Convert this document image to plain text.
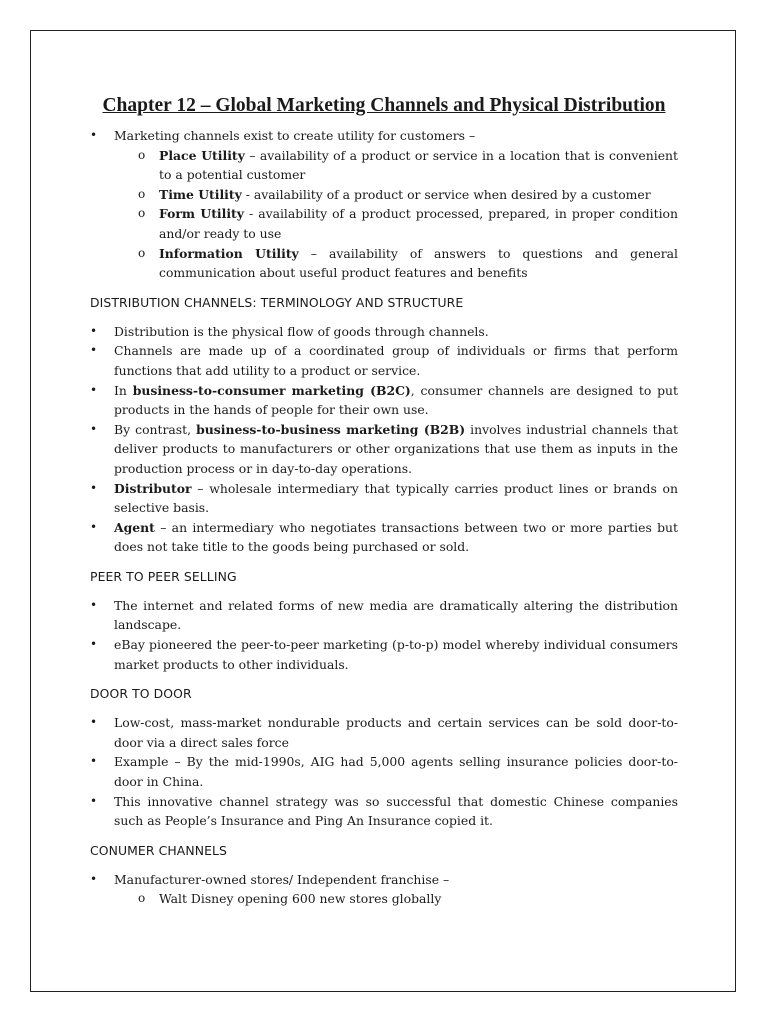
Chapter 12 – Global Marketing Channels and Physical Distribution
• Marketing channels exist to create utility for customers –
o Place Utility – availability of a product or service in a location that is convenient to a potential customer
o Time Utility - availability of a product or service when desired by a customer
o Form Utility - availability of a product processed, prepared, in proper condition and/or ready to use
o Information Utility – availability of answers to questions and general communication about useful product features and benefits
DISTRIBUTION CHANNELS: TERMINOLOGY AND STRUCTURE
• Distribution is the physical flow of goods through channels.
• Channels are made up of a coordinated group of individuals or firms that perform functions that add utility to a product or service.
• In business-to-consumer marketing (B2C), consumer channels are designed to put products in the hands of people for their own use.
• By contrast, business-to-business marketing (B2B) involves industrial channels that deliver products to manufacturers or other organizations that use them as inputs in the production process or in day-to-day operations.
• Distributor – wholesale intermediary that typically carries product lines or brands on selective basis.
• Agent – an intermediary who negotiates transactions between two or more parties but does not take title to the goods being purchased or sold.
PEER TO PEER SELLING
• The internet and related forms of new media are dramatically altering the distribution landscape.
• eBay pioneered the peer-to-peer marketing (p-to-p) model whereby individual consumers market products to other individuals.
DOOR TO DOOR
• Low-cost, mass-market nondurable products and certain services can be sold door-to-door via a direct sales force
• Example – By the mid-1990s, AIG had 5,000 agents selling insurance policies door-to-door in China.
• This innovative channel strategy was so successful that domestic Chinese companies such as People’s Insurance and Ping An Insurance copied it.
CONUMER CHANNELS
• Manufacturer-owned stores/ Independent franchise –
o Walt Disney opening 600 new stores globally
